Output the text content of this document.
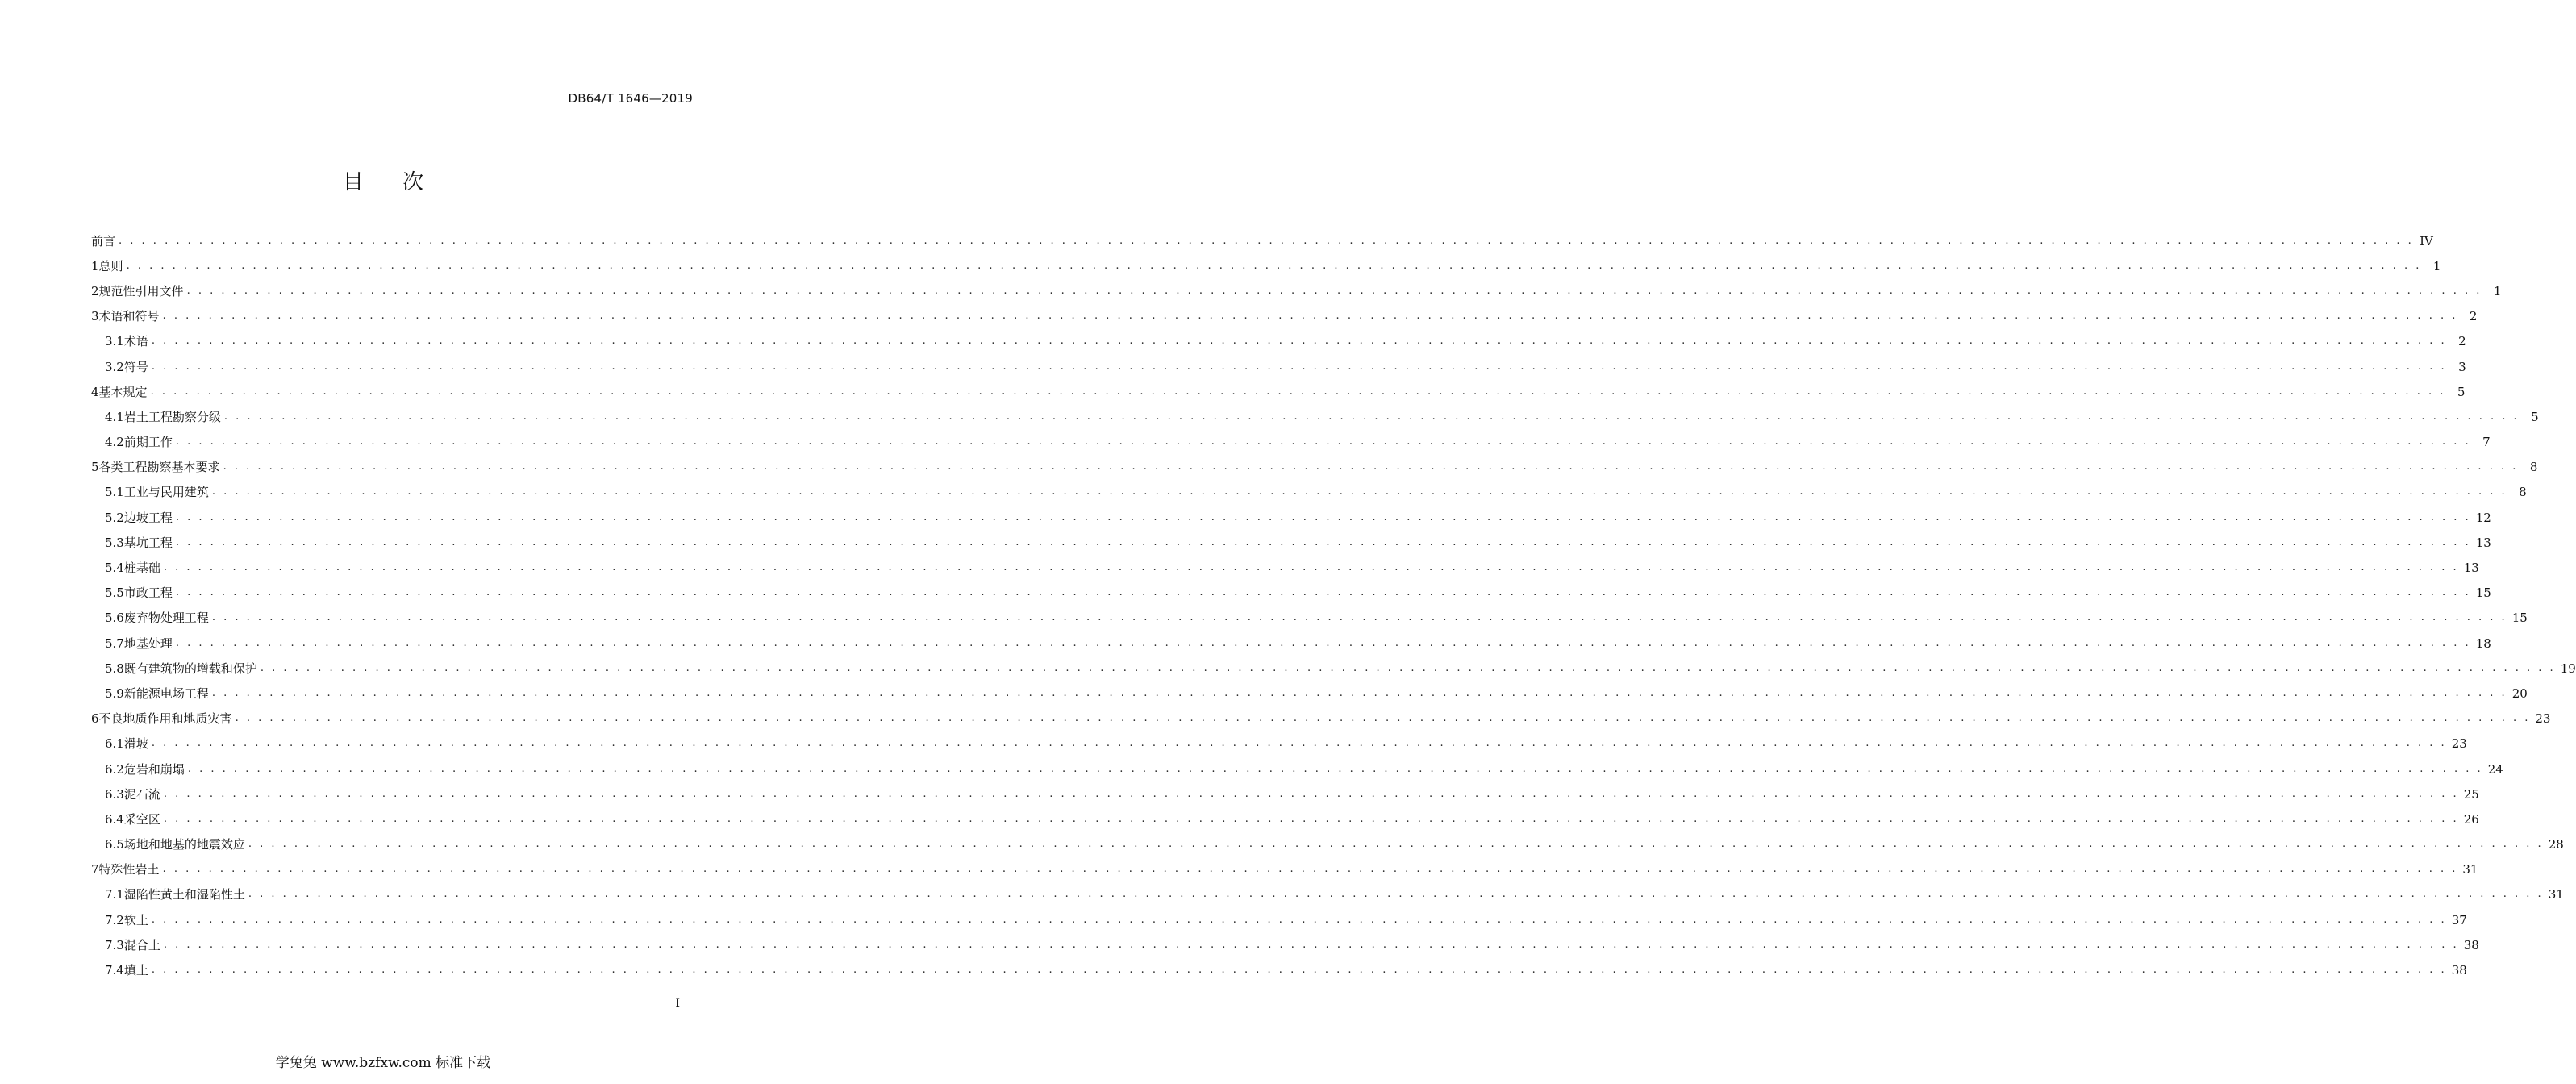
DB64/T 1646—2019
目 次
前言 . . . . . . . . . . . . . . . . . . . . . . . . . . . . . . . . . . . . . . . . . . . . . . . . . . . . . . . . . . . . . . . . . . . . . . . . . . . . . . . . . . . . . . . . . . . . . . . . . . . . . . . . . . . . . . . . . . . . . . . . . . . . . . . . . . . . . . . . . . . . . . . . . . . . . . . . . . . . . . . . . . . . . . . . . . . . . . . . . . . . . . . . . . . . . . . . . . . . . . . . IV
1 总则 . . . . . . . . . . . . . . . . . . . . . . . . . . . . . . . . . . . . . . . . . . . . . . . . . . . . . . . . . . . . . . . . . . . . . . . . . . . . . . . . . . . . . . . . . . . . . . . . . . . . . . . . . . . . . . . . . . . . . . . . . . . . . . . . . . . . . . . . . . . . . . . . . . . . . . . . . . . . . . . . . . . . . . . . . . . . . . . . . . . . . . . . . . . . . . . . . . . . . . . . 1
2 规范性引用文件 . . . . . . . . . . . . . . . . . . . . . . . . . . . . . . . . . . . . . . . . . . . . . . . . . . . . . . . . . . . . . . . . . . . . . . . . . . . . . . . . . . . . . . . . . . . . . . . . . . . . . . . . . . . . . . . . . . . . . . . . . . . . . . . . . . . . . . . . . . . . . . . . . . . . . . . . . . . . . . . . . . . . . . . . . . . . . . . . . . . . . . . . . . . . . . . . . . . . . . . . 1
3 术语和符号 . . . . . . . . . . . . . . . . . . . . . . . . . . . . . . . . . . . . . . . . . . . . . . . . . . . . . . . . . . . . . . . . . . . . . . . . . . . . . . . . . . . . . . . . . . . . . . . . . . . . . . . . . . . . . . . . . . . . . . . . . . . . . . . . . . . . . . . . . . . . . . . . . . . . . . . . . . . . . . . . . . . . . . . . . . . . . . . . . . . . . . . . . . . . . . . . . . . . . . . . 2
3.1 术语 . . . . . . . . . . . . . . . . . . . . . . . . . . . . . . . . . . . . . . . . . . . . . . . . . . . . . . . . . . . . . . . . . . . . . . . . . . . . . . . . . . . . . . . . . . . . . . . . . . . . . . . . . . . . . . . . . . . . . . . . . . . . . . . . . . . . . . . . . . . . . . . . . . . . . . . . . . . . . . . . . . . . . . . . . . . . . . . . . . . . . . . . . . . . . . . . . . . . . . . . 2
3.2 符号 . . . . . . . . . . . . . . . . . . . . . . . . . . . . . . . . . . . . . . . . . . . . . . . . . . . . . . . . . . . . . . . . . . . . . . . . . . . . . . . . . . . . . . . . . . . . . . . . . . . . . . . . . . . . . . . . . . . . . . . . . . . . . . . . . . . . . . . . . . . . . . . . . . . . . . . . . . . . . . . . . . . . . . . . . . . . . . . . . . . . . . . . . . . . . . . . . . . . . . . . 3
4 基本规定 . . . . . . . . . . . . . . . . . . . . . . . . . . . . . . . . . . . . . . . . . . . . . . . . . . . . . . . . . . . . . . . . . . . . . . . . . . . . . . . . . . . . . . . . . . . . . . . . . . . . . . . . . . . . . . . . . . . . . . . . . . . . . . . . . . . . . . . . . . . . . . . . . . . . . . . . . . . . . . . . . . . . . . . . . . . . . . . . . . . . . . . . . . . . . . . . . . . . . . . . 5
4.1 岩土工程勘察分级 . . . . . . . . . . . . . . . . . . . . . . . . . . . . . . . . . . . . . . . . . . . . . . . . . . . . . . . . . . . . . . . . . . . . . . . . . . . . . . . . . . . . . . . . . . . . . . . . . . . . . . . . . . . . . . . . . . . . . . . . . . . . . . . . . . . . . . . . . . . . . . . . . . . . . . . . . . . . . . . . . . . . . . . . . . . . . . . . . . . . . . . . . . . . . . . . . . . . . . . . 5
4.2 前期工作 . . . . . . . . . . . . . . . . . . . . . . . . . . . . . . . . . . . . . . . . . . . . . . . . . . . . . . . . . . . . . . . . . . . . . . . . . . . . . . . . . . . . . . . . . . . . . . . . . . . . . . . . . . . . . . . . . . . . . . . . . . . . . . . . . . . . . . . . . . . . . . . . . . . . . . . . . . . . . . . . . . . . . . . . . . . . . . . . . . . . . . . . . . . . . . . . . . . . . . . . 7
5 各类工程勘察基本要求 . . . . . . . . . . . . . . . . . . . . . . . . . . . . . . . . . . . . . . . . . . . . . . . . . . . . . . . . . . . . . . . . . . . . . . . . . . . . . . . . . . . . . . . . . . . . . . . . . . . . . . . . . . . . . . . . . . . . . . . . . . . . . . . . . . . . . . . . . . . . . . . . . . . . . . . . . . . . . . . . . . . . . . . . . . . . . . . . . . . . . . . . . . . . . . . . . . . . . . . . 8
5.1 工业与民用建筑 . . . . . . . . . . . . . . . . . . . . . . . . . . . . . . . . . . . . . . . . . . . . . . . . . . . . . . . . . . . . . . . . . . . . . . . . . . . . . . . . . . . . . . . . . . . . . . . . . . . . . . . . . . . . . . . . . . . . . . . . . . . . . . . . . . . . . . . . . . . . . . . . . . . . . . . . . . . . . . . . . . . . . . . . . . . . . . . . . . . . . . . . . . . . . . . . . . . . . . . . 8
5.2 边坡工程 . . . . . . . . . . . . . . . . . . . . . . . . . . . . . . . . . . . . . . . . . . . . . . . . . . . . . . . . . . . . . . . . . . . . . . . . . . . . . . . . . . . . . . . . . . . . . . . . . . . . . . . . . . . . . . . . . . . . . . . . . . . . . . . . . . . . . . . . . . . . . . . . . . . . . . . . . . . . . . . . . . . . . . . . . . . . . . . . . . . . . . . . . . . . . . . . . . . . . . . . 12
5.3 基坑工程 . . . . . . . . . . . . . . . . . . . . . . . . . . . . . . . . . . . . . . . . . . . . . . . . . . . . . . . . . . . . . . . . . . . . . . . . . . . . . . . . . . . . . . . . . . . . . . . . . . . . . . . . . . . . . . . . . . . . . . . . . . . . . . . . . . . . . . . . . . . . . . . . . . . . . . . . . . . . . . . . . . . . . . . . . . . . . . . . . . . . . . . . . . . . . . . . . . . . . . . . 13
5.4 桩基础 . . . . . . . . . . . . . . . . . . . . . . . . . . . . . . . . . . . . . . . . . . . . . . . . . . . . . . . . . . . . . . . . . . . . . . . . . . . . . . . . . . . . . . . . . . . . . . . . . . . . . . . . . . . . . . . . . . . . . . . . . . . . . . . . . . . . . . . . . . . . . . . . . . . . . . . . . . . . . . . . . . . . . . . . . . . . . . . . . . . . . . . . . . . . . . . . . . . . . . . . 13
5.5 市政工程 . . . . . . . . . . . . . . . . . . . . . . . . . . . . . . . . . . . . . . . . . . . . . . . . . . . . . . . . . . . . . . . . . . . . . . . . . . . . . . . . . . . . . . . . . . . . . . . . . . . . . . . . . . . . . . . . . . . . . . . . . . . . . . . . . . . . . . . . . . . . . . . . . . . . . . . . . . . . . . . . . . . . . . . . . . . . . . . . . . . . . . . . . . . . . . . . . . . . . . . . 15
5.6 废弃物处理工程 . . . . . . . . . . . . . . . . . . . . . . . . . . . . . . . . . . . . . . . . . . . . . . . . . . . . . . . . . . . . . . . . . . . . . . . . . . . . . . . . . . . . . . . . . . . . . . . . . . . . . . . . . . . . . . . . . . . . . . . . . . . . . . . . . . . . . . . . . . . . . . . . . . . . . . . . . . . . . . . . . . . . . . . . . . . . . . . . . . . . . . . . . . . . . . . . . . . . . . . . 15
5.7 地基处理 . . . . . . . . . . . . . . . . . . . . . . . . . . . . . . . . . . . . . . . . . . . . . . . . . . . . . . . . . . . . . . . . . . . . . . . . . . . . . . . . . . . . . . . . . . . . . . . . . . . . . . . . . . . . . . . . . . . . . . . . . . . . . . . . . . . . . . . . . . . . . . . . . . . . . . . . . . . . . . . . . . . . . . . . . . . . . . . . . . . . . . . . . . . . . . . . . . . . . . . . 18
5.8 既有建筑物的增载和保护 . . . . . . . . . . . . . . . . . . . . . . . . . . . . . . . . . . . . . . . . . . . . . . . . . . . . . . . . . . . . . . . . . . . . . . . . . . . . . . . . . . . . . . . . . . . . . . . . . . . . . . . . . . . . . . . . . . . . . . . . . . . . . . . . . . . . . . . . . . . . . . . . . . . . . . . . . . . . . . . . . . . . . . . . . . . . . . . . . . . . . . . . . . . . . . . . . . . . . . . . 19
5.9 新能源电场工程 . . . . . . . . . . . . . . . . . . . . . . . . . . . . . . . . . . . . . . . . . . . . . . . . . . . . . . . . . . . . . . . . . . . . . . . . . . . . . . . . . . . . . . . . . . . . . . . . . . . . . . . . . . . . . . . . . . . . . . . . . . . . . . . . . . . . . . . . . . . . . . . . . . . . . . . . . . . . . . . . . . . . . . . . . . . . . . . . . . . . . . . . . . . . . . . . . . . . . . . . 20
6 不良地质作用和地质灾害 . . . . . . . . . . . . . . . . . . . . . . . . . . . . . . . . . . . . . . . . . . . . . . . . . . . . . . . . . . . . . . . . . . . . . . . . . . . . . . . . . . . . . . . . . . . . . . . . . . . . . . . . . . . . . . . . . . . . . . . . . . . . . . . . . . . . . . . . . . . . . . . . . . . . . . . . . . . . . . . . . . . . . . . . . . . . . . . . . . . . . . . . . . . . . . . . . . . . . . . . 23
6.1 滑坡 . . . . . . . . . . . . . . . . . . . . . . . . . . . . . . . . . . . . . . . . . . . . . . . . . . . . . . . . . . . . . . . . . . . . . . . . . . . . . . . . . . . . . . . . . . . . . . . . . . . . . . . . . . . . . . . . . . . . . . . . . . . . . . . . . . . . . . . . . . . . . . . . . . . . . . . . . . . . . . . . . . . . . . . . . . . . . . . . . . . . . . . . . . . . . . . . . . . . . . . . 23
6.2 危岩和崩塌 . . . . . . . . . . . . . . . . . . . . . . . . . . . . . . . . . . . . . . . . . . . . . . . . . . . . . . . . . . . . . . . . . . . . . . . . . . . . . . . . . . . . . . . . . . . . . . . . . . . . . . . . . . . . . . . . . . . . . . . . . . . . . . . . . . . . . . . . . . . . . . . . . . . . . . . . . . . . . . . . . . . . . . . . . . . . . . . . . . . . . . . . . . . . . . . . . . . . . . . . 24
6.3 泥石流 . . . . . . . . . . . . . . . . . . . . . . . . . . . . . . . . . . . . . . . . . . . . . . . . . . . . . . . . . . . . . . . . . . . . . . . . . . . . . . . . . . . . . . . . . . . . . . . . . . . . . . . . . . . . . . . . . . . . . . . . . . . . . . . . . . . . . . . . . . . . . . . . . . . . . . . . . . . . . . . . . . . . . . . . . . . . . . . . . . . . . . . . . . . . . . . . . . . . . . . . 25
6.4 采空区 . . . . . . . . . . . . . . . . . . . . . . . . . . . . . . . . . . . . . . . . . . . . . . . . . . . . . . . . . . . . . . . . . . . . . . . . . . . . . . . . . . . . . . . . . . . . . . . . . . . . . . . . . . . . . . . . . . . . . . . . . . . . . . . . . . . . . . . . . . . . . . . . . . . . . . . . . . . . . . . . . . . . . . . . . . . . . . . . . . . . . . . . . . . . . . . . . . . . . . . . 26
6.5 场地和地基的地震效应 . . . . . . . . . . . . . . . . . . . . . . . . . . . . . . . . . . . . . . . . . . . . . . . . . . . . . . . . . . . . . . . . . . . . . . . . . . . . . . . . . . . . . . . . . . . . . . . . . . . . . . . . . . . . . . . . . . . . . . . . . . . . . . . . . . . . . . . . . . . . . . . . . . . . . . . . . . . . . . . . . . . . . . . . . . . . . . . . . . . . . . . . . . . . . . . . . . . . . . . . 28
7 特殊性岩土 . . . . . . . . . . . . . . . . . . . . . . . . . . . . . . . . . . . . . . . . . . . . . . . . . . . . . . . . . . . . . . . . . . . . . . . . . . . . . . . . . . . . . . . . . . . . . . . . . . . . . . . . . . . . . . . . . . . . . . . . . . . . . . . . . . . . . . . . . . . . . . . . . . . . . . . . . . . . . . . . . . . . . . . . . . . . . . . . . . . . . . . . . . . . . . . . . . . . . . . . 31
7.1 湿陷性黄土和湿陷性土 . . . . . . . . . . . . . . . . . . . . . . . . . . . . . . . . . . . . . . . . . . . . . . . . . . . . . . . . . . . . . . . . . . . . . . . . . . . . . . . . . . . . . . . . . . . . . . . . . . . . . . . . . . . . . . . . . . . . . . . . . . . . . . . . . . . . . . . . . . . . . . . . . . . . . . . . . . . . . . . . . . . . . . . . . . . . . . . . . . . . . . . . . . . . . . . . . . . . . . . . 31
7.2 软土 . . . . . . . . . . . . . . . . . . . . . . . . . . . . . . . . . . . . . . . . . . . . . . . . . . . . . . . . . . . . . . . . . . . . . . . . . . . . . . . . . . . . . . . . . . . . . . . . . . . . . . . . . . . . . . . . . . . . . . . . . . . . . . . . . . . . . . . . . . . . . . . . . . . . . . . . . . . . . . . . . . . . . . . . . . . . . . . . . . . . . . . . . . . . . . . . . . . . . . . . 37
7.3 混合土 . . . . . . . . . . . . . . . . . . . . . . . . . . . . . . . . . . . . . . . . . . . . . . . . . . . . . . . . . . . . . . . . . . . . . . . . . . . . . . . . . . . . . . . . . . . . . . . . . . . . . . . . . . . . . . . . . . . . . . . . . . . . . . . . . . . . . . . . . . . . . . . . . . . . . . . . . . . . . . . . . . . . . . . . . . . . . . . . . . . . . . . . . . . . . . . . . . . . . . . . 38
7.4 填土 . . . . . . . . . . . . . . . . . . . . . . . . . . . . . . . . . . . . . . . . . . . . . . . . . . . . . . . . . . . . . . . . . . . . . . . . . . . . . . . . . . . . . . . . . . . . . . . . . . . . . . . . . . . . . . . . . . . . . . . . . . . . . . . . . . . . . . . . . . . . . . . . . . . . . . . . . . . . . . . . . . . . . . . . . . . . . . . . . . . . . . . . . . . . . . . . . . . . . . . . 38
I
学兔兔 www.bzfxw.com 标准下载
